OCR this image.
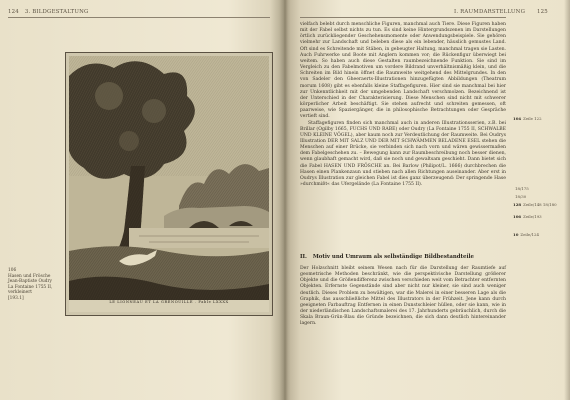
124 3. BILDGESTALTUNG
LE LIONNEAU ET LA GRENOUILLE . Fable LXXXX
106
Hasen und Frösche
Jean-Baptiste Oudry
La Fontaine 1755 II,
verkleinert
[193.1]
I. RAUMDARSTELLUNG 125

vielfach belebt durch menschliche Figuren, manchmal auch Tiere. Diese Figuren haben mit der Fabel selbst nichts zu tun. Es sind keine Hintergrundszenen im Darstellungen örtlich zurückliegender Geschehensmomente oder Anwendungsbeispiele. Sie gehören vielmehr zur Landschaft und beleben diese als ein lebender, häuslich gemustes Land. Oft sind es Schreitende mit Stäben, in gebeugter Haltung, manchmal tragen sie Lasten. Auch Fuhrwerke und Boote mit Anglern kommen vor; die Rückenfigur überwiegt bei weitem. So haben auch diese Gestalten raumbezeichnende Funktion. Sie sind im Vergleich zu den Fabelmotiven um vordere Bildrand unverhältnismäßig klein, und die Schreiten im Bild hinein öffnet die Raumweite weitgehend des Mittelgrundes. In den von Sadeler den Gheeraerts-Illustrationen hinzugefügten Abbildungen (Theatrum morum 1608) gibt es ebenfalls kleine Staffagefiguren. Hier sind sie manchmal bei hier zur Unkenntlichkeit mit der umgebenden Landschaft verschmolzen. Bezeichnend ist der Unterschied in der Charakterisierung. Diese Menschen sind nicht mit schwerer körperlicher Arbeit beschäftigt. Sie stehen aufrecht und schreiten gemessen, oft paarweise, wie Spaziergänger, die in philosophische Betrachtungen oder Gespräche vertieft sind.

Staffagefiguren finden sich manchmal auch in anderen Illustrationsserien, z.B. bei Brillar (Ogilby 1665, FUCHS UND RABE) oder Oudry (La Fontaine 1755 II, SCHWALBE UND KLEINE VÖGEL), aber kaum noch zur Verdeutlichung der Raumweite. Bei Oudrys Illustration DER MIT SALZ UND DER MIT SCHWÄMMEN BELADENE ESEL stehen die Menschen auf einer Brücke, sie verbinden sich nach vorn und wären gewissermaßen dem Fabelgeschehen zu. – Bewegung kann zur Raumbeschreibung noch besser dienen, wenn glaubhaft gemacht wird, daß sie noch und gewaltsam geschieht. Dann bietet sich die Fabel HASEN UND FRÖSCHE an. Bei Barlow (Philipot/L. 1666) durchbrechen die Hasen einen Plankenzaun und stieben nach allen Richtungen auseinander. Aber erst in Oudrys Illustration zur gleichen Fabel ist dies ganz überzeugend: Der springende Hase »durchmißt« das Ufergelände (La Fontaine 1755 II).

II. Motiv und Umraum als selbständige Bildbestandteile

Der Holzschnitt bleibt seinem Wesen nach für die Darstellung der Raumtiefe auf geometrische Methoden beschränkt, wie die perspektivische Darstellung größerer Objekte und die Größendifferenz zwischen verschieden weit vom Betrachter entfernten Objekten. Erfernste Gegenstände sind aber nicht nur kleiner, sie sind auch weniger deutlich. Dieses Problem zu bewältigen, war die Malerei in einer besseren Lage als die Graphik, das ausschließliche Mittel des Illustrators in der Frühzeit. Jene kann durch geeigneten Farbauftrag Entfernen in einen Dunstschleier hüllen, oder sie kann, wie in der niederländischen Landschaftsmalerei des 17. Jahrhunderts gebräuchlich, durch die Skala Braun-Grün-Blau die Gründe bezeichnen, die sich dann deutlich hintereinander lagern.

104 Zeile 122
18/175
18/30
128 Zeile/148 18/180
106 Zeile/193
10 Zeile/124
